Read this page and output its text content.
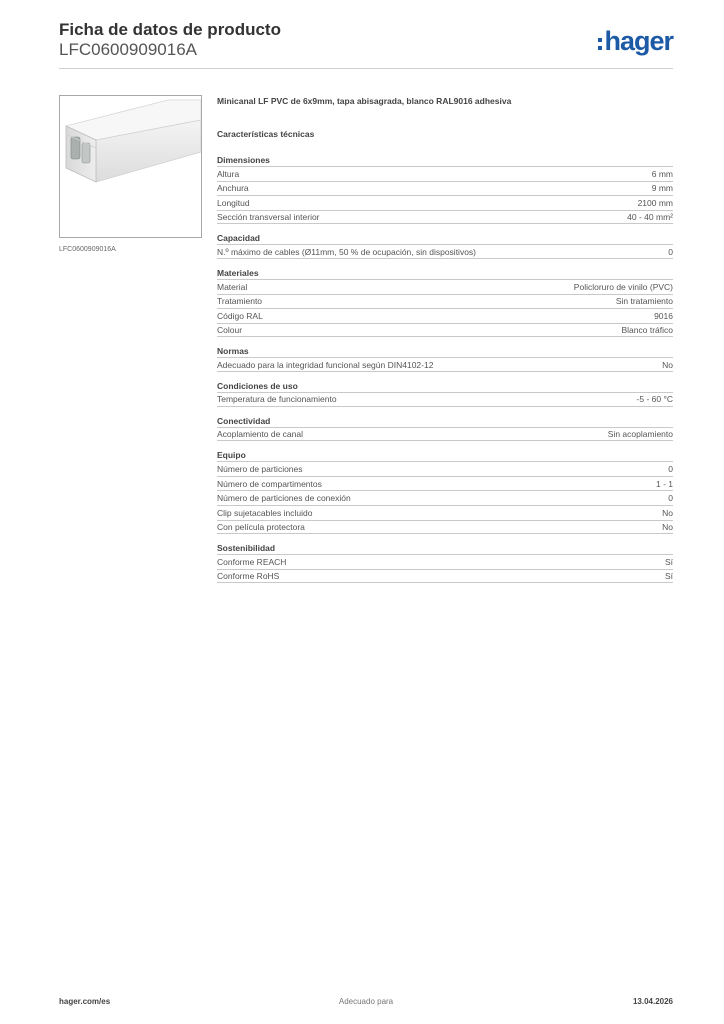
Ficha de datos de producto
LFC0600909016A	hager
LFC0600909016A
Minicanal LF PVC de 6x9mm, tapa abisagrada, blanco RAL9016 adhesiva
Características técnicas
Dimensiones
Altura	6 mm
Anchura	9 mm
Longitud	2100 mm
Sección transversal interior	40 - 40 mm²
Capacidad
N.º máximo de cables (Ø11mm, 50 % de ocupación, sin dispositivos)	0
Materiales
Material	Policloruro de vinilo (PVC)
Tratamiento	Sin tratamiento
Código RAL	9016
Colour	Blanco tráfico
Normas
Adecuado para la integridad funcional según DIN4102-12	No
Condiciones de uso
Temperatura de funcionamiento	-5 - 60 °C
Conectividad
Acoplamiento de canal	Sin acoplamiento
Equipo
Número de particiones	0
Número de compartimentos	1 - 1
Número de particiones de conexión	0
Clip sujetacables incluido	No
Con película protectora	No
Sostenibilidad
Conforme REACH	Sí
Conforme RoHS	Sí
hager.com/es	Adecuado para	13.04.2026
